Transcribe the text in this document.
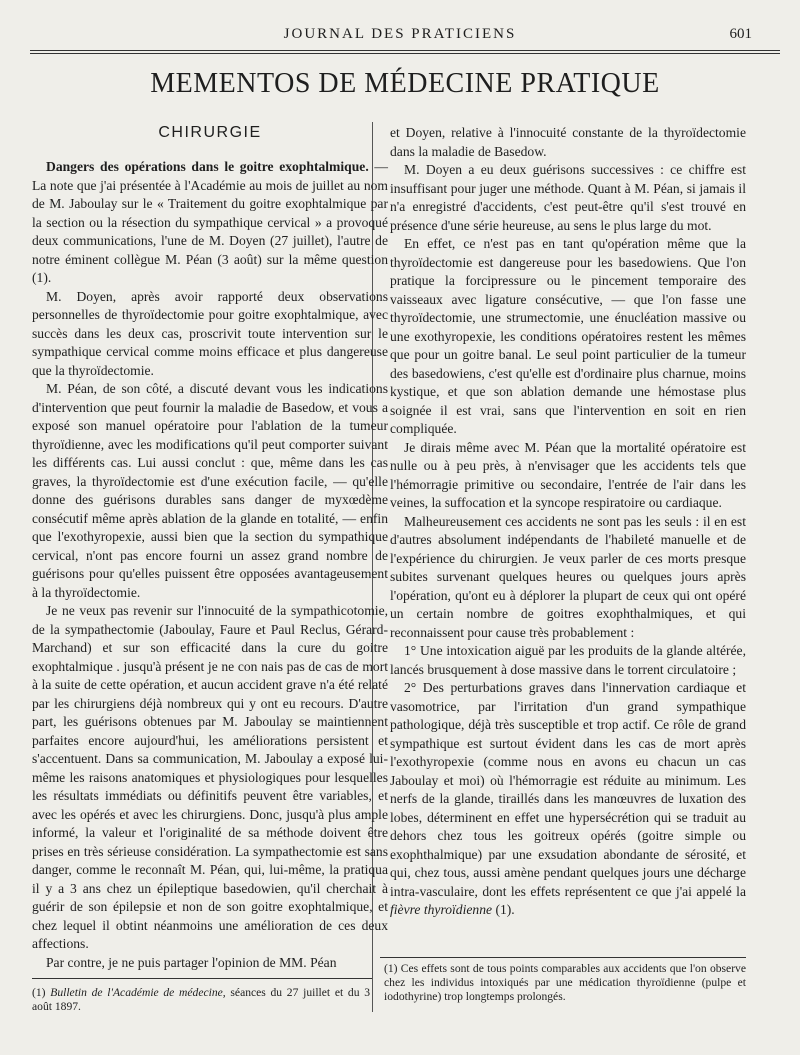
JOURNAL DES PRATICIENS	601
MEMENTOS DE MÉDECINE PRATIQUE
CHIRURGIE

Dangers des opérations dans le goitre exophtalmique. — La note que j'ai présentée à l'Académie au mois de juillet au nom de M. Jaboulay sur le « Traitement du goitre exophtalmique par la section ou la résection du sympathique cervical » a provoqué deux communications, l'une de M. Doyen (27 juillet), l'autre de notre éminent collègue M. Péan (3 août) sur la même question (1).

M. Doyen, après avoir rapporté deux observations personnelles de thyroïdectomie pour goitre exophtalmique, avec succès dans les deux cas, proscrivit toute intervention sur le sympathique cervical comme moins efficace et plus dangereuse que la thyroïdectomie.

M. Péan, de son côté, a discuté devant vous les indications d'intervention que peut fournir la maladie de Basedow, et vous a exposé son manuel opératoire pour l'ablation de la tumeur thyroïdienne, avec les modifications qu'il peut comporter suivant les différents cas. Lui aussi conclut : que, même dans les cas graves, la thyroïdectomie est d'une exécution facile, — qu'elle donne des guérisons durables sans danger de myxœdème consécutif même après ablation de la glande en totalité, — enfin que l'exothyropexie, aussi bien que la section du sympathique cervical, n'ont pas encore fourni un assez grand nombre de guérisons pour qu'elles puissent être opposées avantageusement à la thyroïdectomie.

Je ne veux pas revenir sur l'innocuité de la sympathicotomie, de la sympathectomie (Jaboulay, Faure et Paul Reclus, Gérard-Marchand) et sur son efficacité dans la cure du goitre exophtalmique . jusqu'à présent je ne con nais pas de cas de mort à la suite de cette opération, et aucun accident grave n'a été relaté par les chirurgiens déjà nombreux qui y ont eu recours. D'autre part, les guérisons obtenues par M. Jaboulay se maintiennent parfaites encore aujourd'hui, les améliorations persistent et s'accentuent. Dans sa communication, M. Jaboulay a exposé lui-même les raisons anatomiques et physiologiques pour lesquelles les résultats immédiats ou définitifs peuvent être variables, et avec les opérés et avec les chirurgiens. Donc, jusqu'à plus ample informé, la valeur et l'originalité de sa méthode doivent être prises en très sérieuse considération. La sympathectomie est sans danger, comme le reconnaît M. Péan, qui, lui-même, la pratiqua il y a 3 ans chez un épileptique basedowien, qu'il cherchait à guérir de son épilepsie et non de son goitre exophtalmique, et chez lequel il obtint néanmoins une amélioration de ces deux affections.

Par contre, je ne puis partager l'opinion de MM. Péan

(1) Bulletin de l'Académie de médecine, séances du 27 juillet et du 3 août 1897.

et Doyen, relative à l'innocuité constante de la thyroïdectomie dans la maladie de Basedow.

M. Doyen a eu deux guérisons successives : ce chiffre est insuffisant pour juger une méthode. Quant à M. Péan, si jamais il n'a enregistré d'accidents, c'est peut-être qu'il s'est trouvé en présence d'une série heureuse, au sens le plus large du mot.

En effet, ce n'est pas en tant qu'opération même que la thyroïdectomie est dangereuse pour les basedowiens. Que l'on pratique la forcipressure ou le pincement temporaire des vaisseaux avec ligature consécutive, — que l'on fasse une thyroïdectomie, une strumectomie, une énucléation massive ou une exothyropexie, les conditions opératoires restent les mêmes que pour un goitre banal. Le seul point particulier de la tumeur des basedowiens, c'est qu'elle est d'ordinaire plus charnue, moins kystique, et que son ablation demande une hémostase plus soignée il est vrai, sans que l'intervention en soit en rien compliquée.

Je dirais même avec M. Péan que la mortalité opératoire est nulle ou à peu près, à n'envisager que les accidents tels que l'hémorragie primitive ou secondaire, l'entrée de l'air dans les veines, la suffocation et la syncope respiratoire ou cardiaque.

Malheureusement ces accidents ne sont pas les seuls : il en est d'autres absolument indépendants de l'habileté manuelle et de l'expérience du chirurgien. Je veux parler de ces morts presque subites survenant quelques heures ou quelques jours après l'opération, qu'ont eu à déplorer la plupart de ceux qui ont opéré un certain nombre de goitres exophthalmiques, et qui reconnaissent pour cause très probablement :

1° Une intoxication aiguë par les produits de la glande altérée, lancés brusquement à dose massive dans le torrent circulatoire ;

2° Des perturbations graves dans l'innervation cardiaque et vasomotrice, par l'irritation d'un grand sympathique pathologique, déjà très susceptible et trop actif. Ce rôle de grand sympathique est surtout évident dans les cas de mort après l'exothyropexie (comme nous en avons eu chacun un cas Jaboulay et moi) où l'hémorragie est réduite au minimum. Les nerfs de la glande, tiraillés dans les manœuvres de luxation des lobes, déterminent en effet une hypersécrétion qui se traduit au dehors chez tous les goitreux opérés (goitre simple ou exophthalmique) par une exsudation abondante de sérosité, et qui, chez tous, aussi amène pendant quelques jours une décharge intra-vasculaire, dont les effets représentent ce que j'ai appelé la fièvre thyroïdienne (1).

(1) Ces effets sont de tous points comparables aux accidents que l'on observe chez les individus intoxiqués par une médication thyroïdienne (pulpe et iodothyrine) trop longtemps prolongés.
